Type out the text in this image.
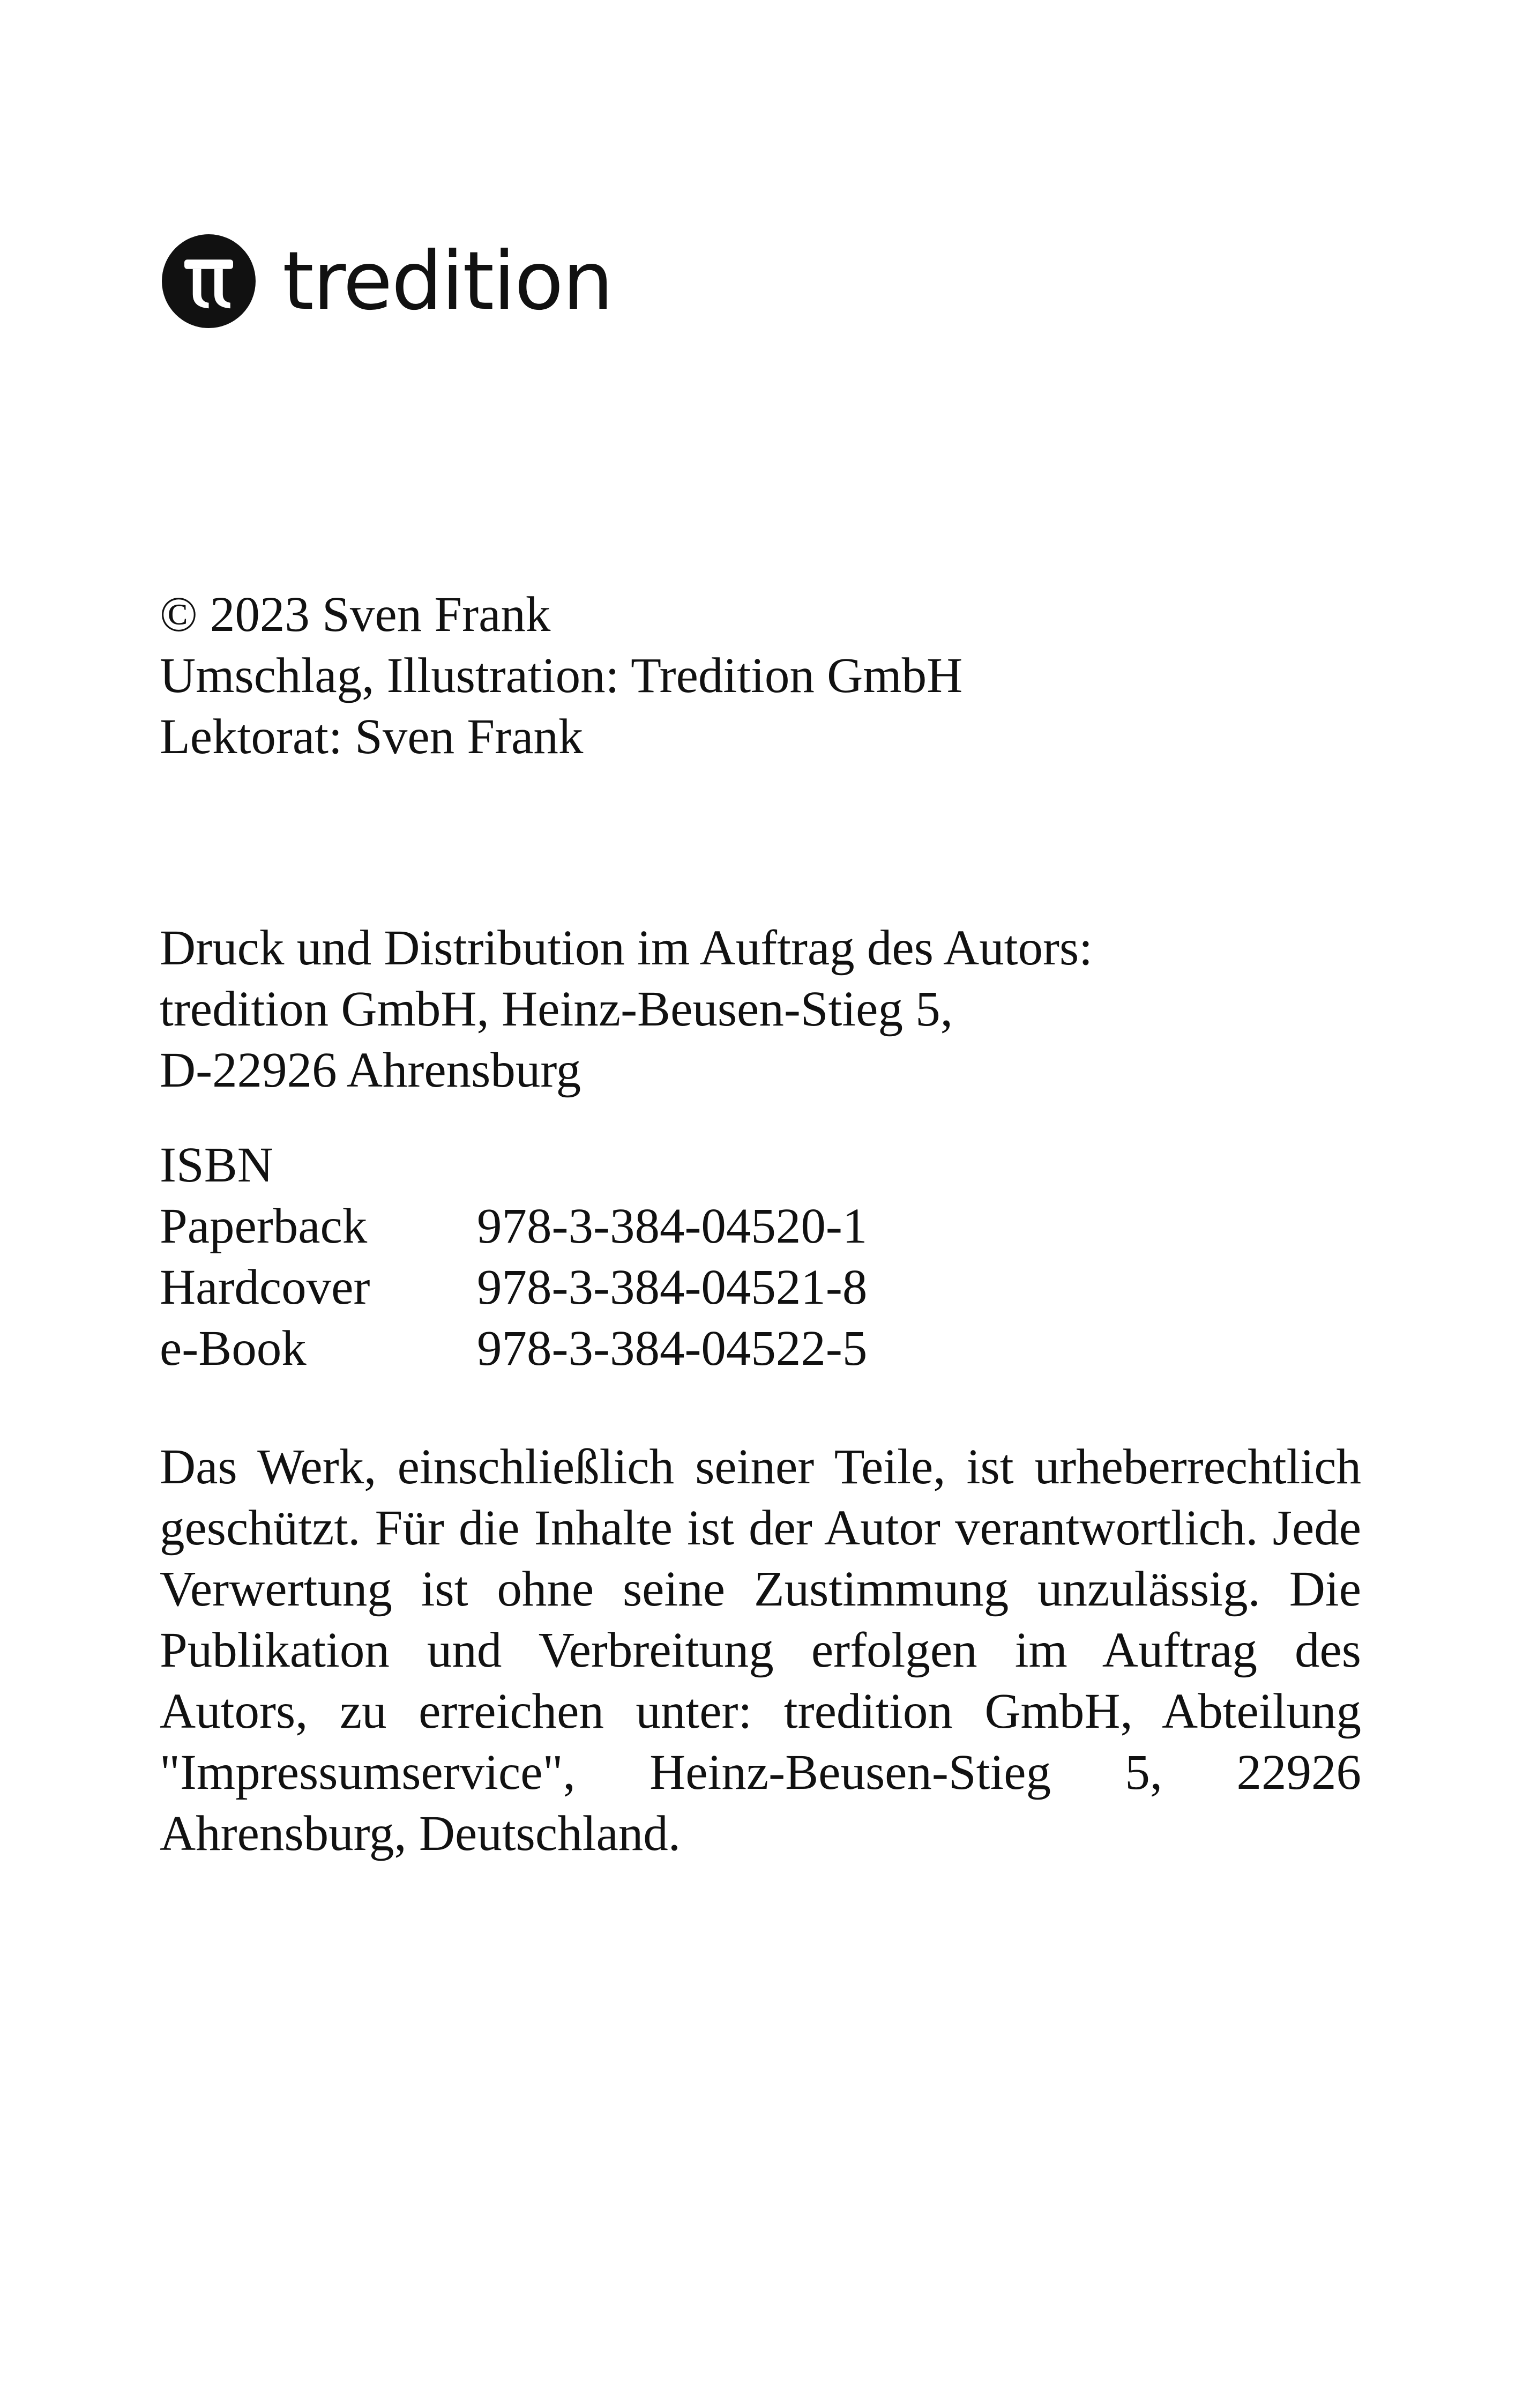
tredition
© 2023 Sven Frank
Umschlag, Illustration: Tredition GmbH
Lektorat: Sven Frank
Druck und Distribution im Auftrag des Autors:
tredition GmbH, Heinz-Beusen-Stieg 5,
D-22926 Ahrensburg
ISBN
Paperback	978-3-384-04520-1
Hardcover	978-3-384-04521-8
e-Book	978-3-384-04522-5

Das Werk, einschließlich seiner Teile, ist urheberrechtlich geschützt. Für die Inhalte ist der Autor verantwortlich. Jede Verwertung ist ohne seine Zustimmung unzulässig. Die Publikation und Verbreitung erfolgen im Auftrag des Autors, zu erreichen unter: tredition GmbH, Abteilung "Impressumservice", Heinz-Beusen-Stieg 5, 22926 Ahrensburg, Deutschland.
